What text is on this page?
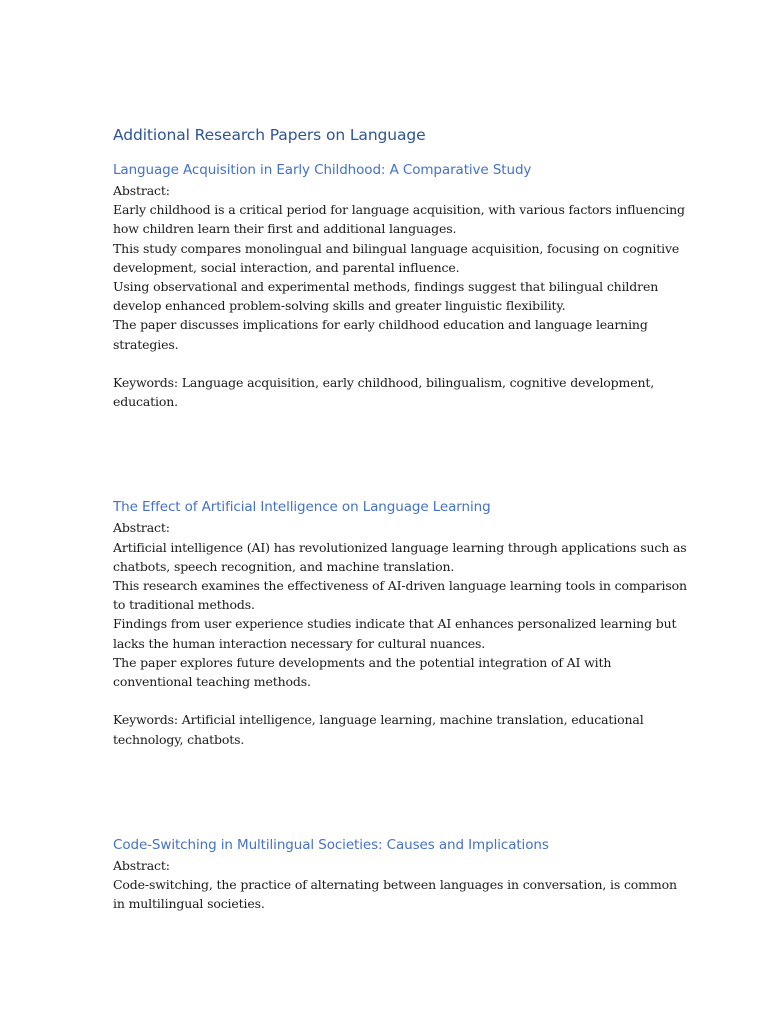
Additional Research Papers on Language
Language Acquisition in Early Childhood: A Comparative Study

Abstract:

Early childhood is a critical period for language acquisition, with various factors influencing

how children learn their first and additional languages.

This study compares monolingual and bilingual language acquisition, focusing on cognitive

development, social interaction, and parental influence.

Using observational and experimental methods, findings suggest that bilingual children

develop enhanced problem-solving skills and greater linguistic flexibility.

The paper discusses implications for early childhood education and language learning

strategies.

Keywords: Language acquisition, early childhood, bilingualism, cognitive development,

education.

The Effect of Artificial Intelligence on Language Learning

Abstract:

Artificial intelligence (AI) has revolutionized language learning through applications such as

chatbots, speech recognition, and machine translation.

This research examines the effectiveness of AI-driven language learning tools in comparison

to traditional methods.

Findings from user experience studies indicate that AI enhances personalized learning but

lacks the human interaction necessary for cultural nuances.

The paper explores future developments and the potential integration of AI with

conventional teaching methods.

Keywords: Artificial intelligence, language learning, machine translation, educational

technology, chatbots.

Code-Switching in Multilingual Societies: Causes and Implications

Abstract:

Code-switching, the practice of alternating between languages in conversation, is common

in multilingual societies.
